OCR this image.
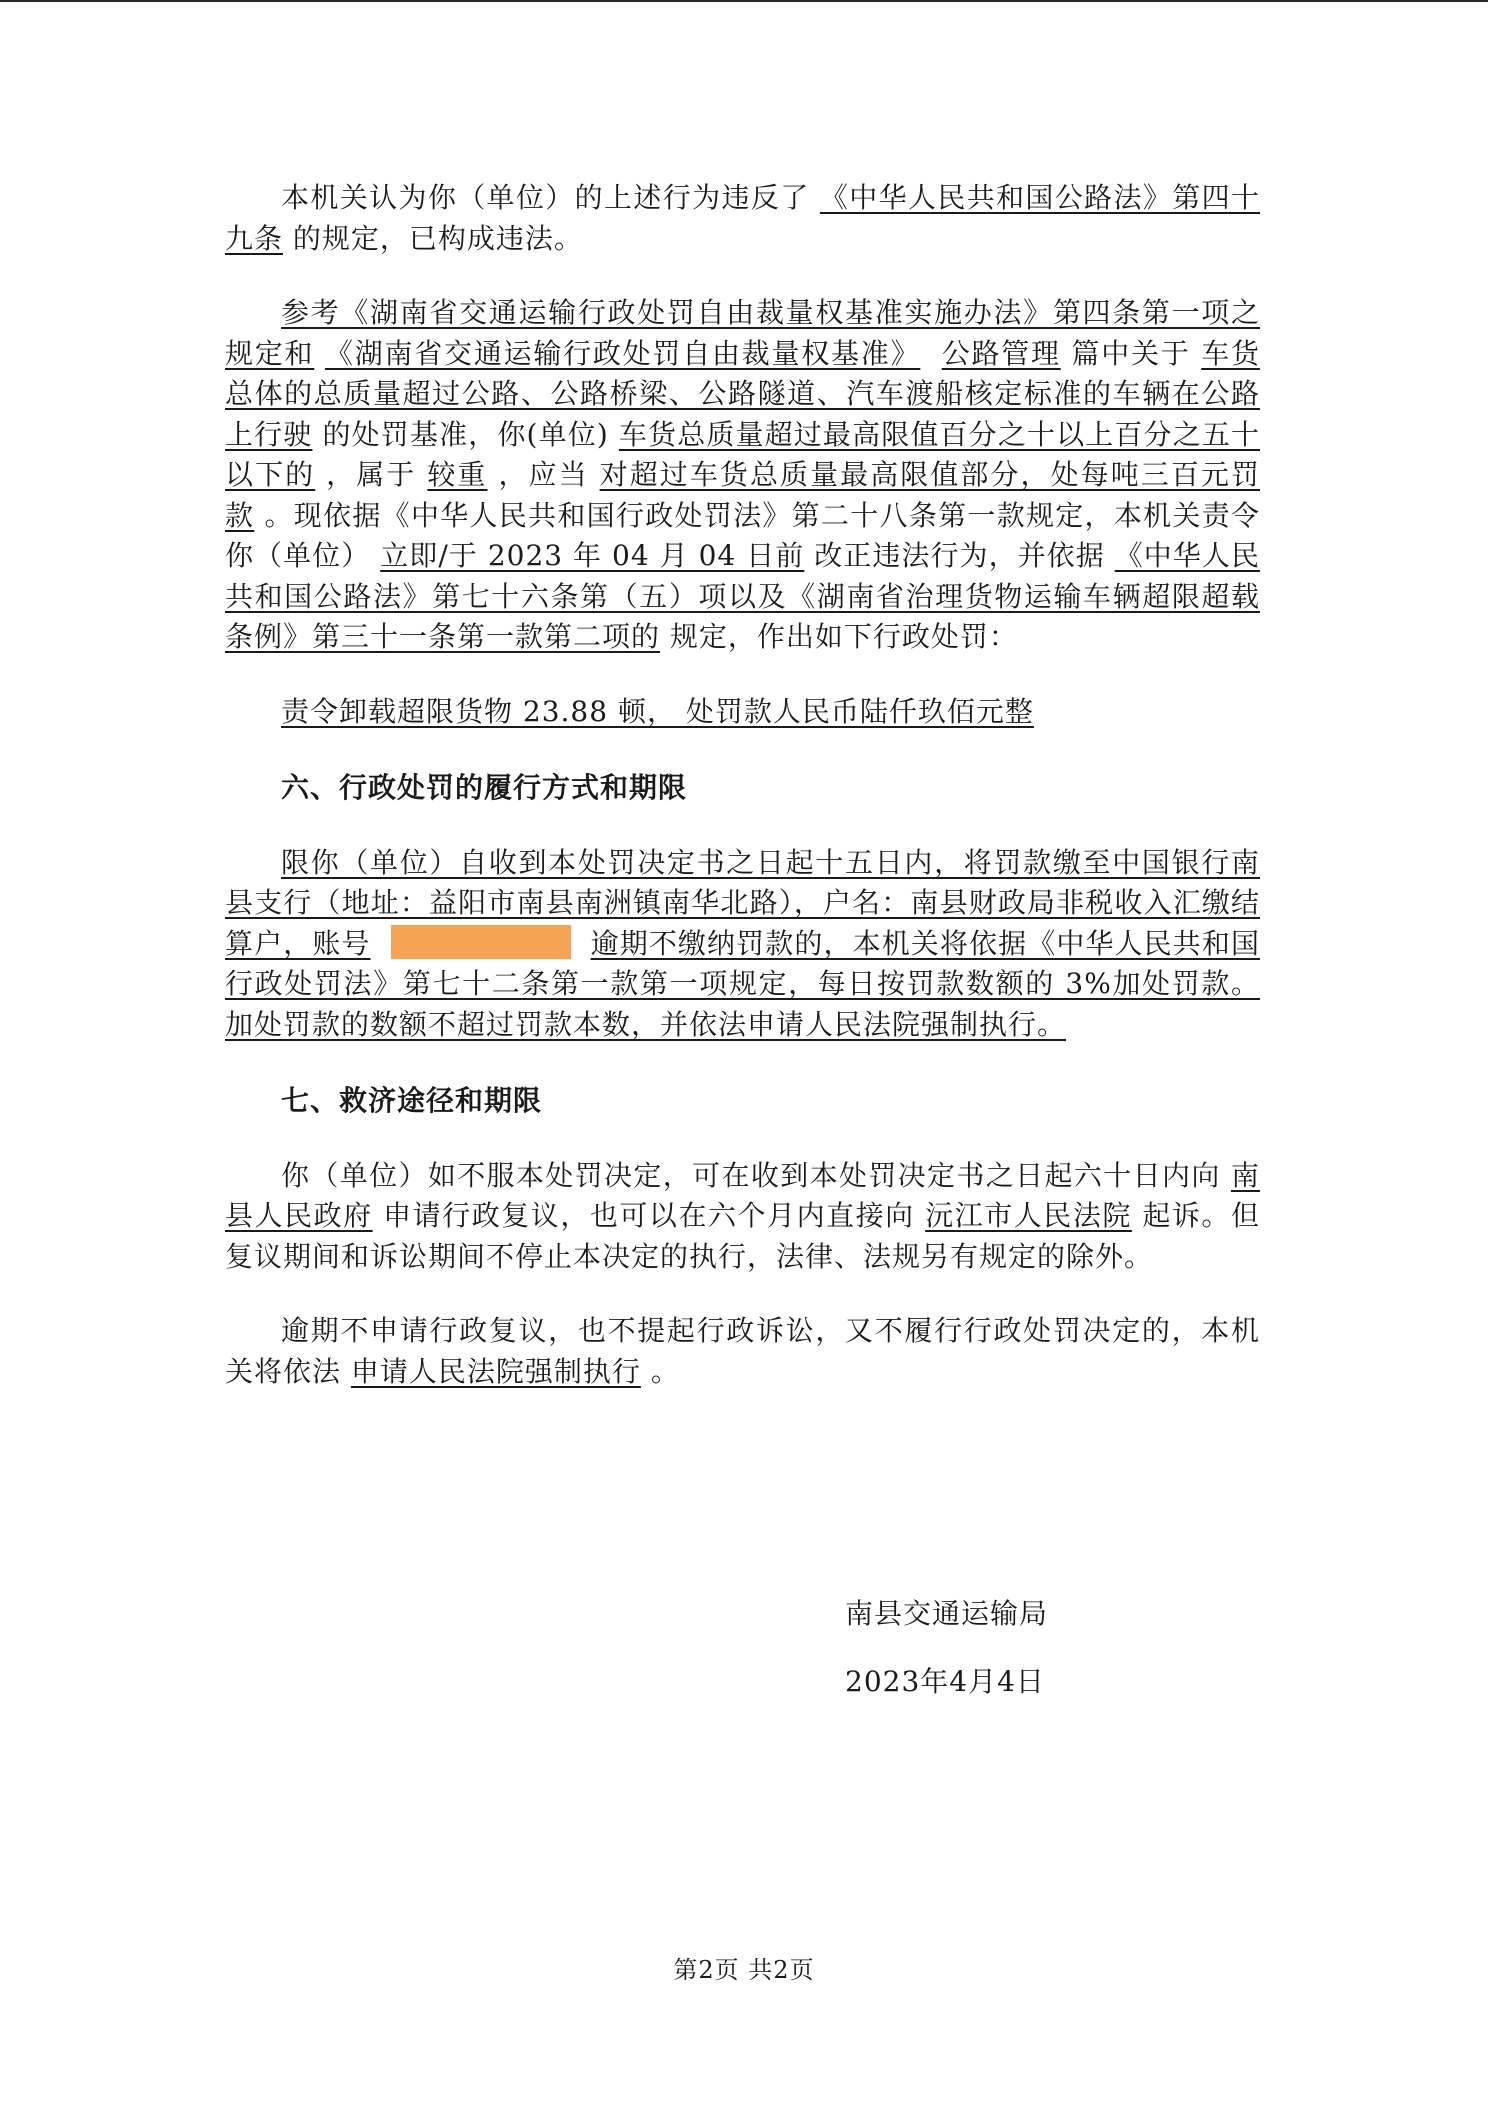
本机关认为你（单位）的上述行为违反了 《中华人民共和国公路法》第四十九条 的规定，已构成违法。

参考《湖南省交通运输行政处罚自由裁量权基准实施办法》第四条第一项之规定和 《湖南省交通运输行政处罚自由裁量权基准》 公路管理 篇中关于 车货总体的总质量超过公路、公路桥梁、公路隧道、汽车渡船核定标准的车辆在公路上行驶 的处罚基准，你(单位) 车货总质量超过最高限值百分之十以上百分之五十以下的 ，属于 较重 ，应当 对超过车货总质量最高限值部分，处每吨三百元罚款 。现依据《中华人民共和国行政处罚法》第二十八条第一款规定，本机关责令你（单位） 立即/于 2023 年 04 月 04 日前 改正违法行为，并依据 《中华人民共和国公路法》第七十六条第（五）项以及《湖南省治理货物运输车辆超限超载条例》第三十一条第一款第二项的 规定，作出如下行政处罚：

责令卸载超限货物 23.88 顿， 处罚款人民币陆仟玖佰元整

六、行政处罚的履行方式和期限

限你（单位）自收到本处罚决定书之日起十五日内，将罚款缴至中国银行南县支行（地址：益阳市南县南洲镇南华北路），户名：南县财政局非税收入汇缴结算户，账号	逾期不缴纳罚款的，本机关将依据《中华人民共和国行政处罚法》第七十二条第一款第一项规定，每日按罚款数额的 3%加处罚款。加处罚款的数额不超过罚款本数，并依法申请人民法院强制执行。

七、救济途径和期限

你（单位）如不服本处罚决定，可在收到本处罚决定书之日起六十日内向 南县人民政府 申请行政复议，也可以在六个月内直接向 沅江市人民法院 起诉。但复议期间和诉讼期间不停止本决定的执行，法律、法规另有规定的除外。

逾期不申请行政复议，也不提起行政诉讼，又不履行行政处罚决定的，本机关将依法 申请人民法院强制执行 。

南县交通运输局
2023年4月4日
第2页 共2页
